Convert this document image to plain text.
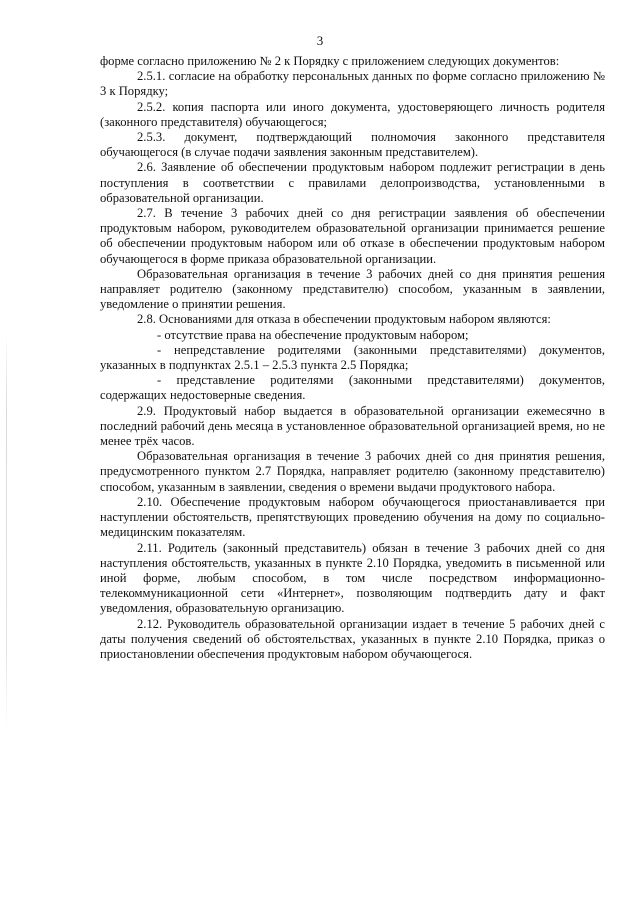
3

форме согласно приложению № 2 к Порядку с приложением следующих документов:

2.5.1. согласие на обработку персональных данных по форме согласно приложению № 3 к Порядку;

2.5.2. копия паспорта или иного документа, удостоверяющего личность родителя (законного представителя) обучающегося;

2.5.3. документ, подтверждающий полномочия законного представителя обучающегося (в случае подачи заявления законным представителем).

2.6. Заявление об обеспечении продуктовым набором подлежит регистрации в день поступления в соответствии с правилами делопроизводства, установленными в образовательной организации.

2.7. В течение 3 рабочих дней со дня регистрации заявления об обеспечении продуктовым набором, руководителем образовательной организации принимается решение об обеспечении продуктовым набором или об отказе в обеспечении продуктовым набором обучающегося в форме приказа образовательной организации.

Образовательная организация в течение 3 рабочих дней со дня принятия решения направляет родителю (законному представителю) способом, указанным в заявлении, уведомление о принятии решения.

2.8. Основаниями для отказа в обеспечении продуктовым набором являются:

- отсутствие права на обеспечение продуктовым набором;

- непредставление родителями (законными представителями) документов, указанных в подпунктах 2.5.1 – 2.5.3 пункта 2.5 Порядка;

- представление родителями (законными представителями) документов, содержащих недостоверные сведения.

2.9. Продуктовый набор выдается в образовательной организации ежемесячно в последний рабочий день месяца в установленное образовательной организацией время, но не менее трёх часов.

Образовательная организация в течение 3 рабочих дней со дня принятия решения, предусмотренного пунктом 2.7 Порядка, направляет родителю (законному представителю) способом, указанным в заявлении, сведения о времени выдачи продуктового набора.

2.10. Обеспечение продуктовым набором обучающегося приостанавливается при наступлении обстоятельств, препятствующих проведению обучения на дому по социально-медицинским показателям.

2.11. Родитель (законный представитель) обязан в течение 3 рабочих дней со дня наступления обстоятельств, указанных в пункте 2.10 Порядка, уведомить в письменной или иной форме, любым способом, в том числе посредством информационно-телекоммуникационной сети «Интернет», позволяющим подтвердить дату и факт уведомления, образовательную организацию.

2.12. Руководитель образовательной организации издает в течение 5 рабочих дней с даты получения сведений об обстоятельствах, указанных в пункте 2.10 Порядка, приказ о приостановлении обеспечения продуктовым набором обучающегося.
